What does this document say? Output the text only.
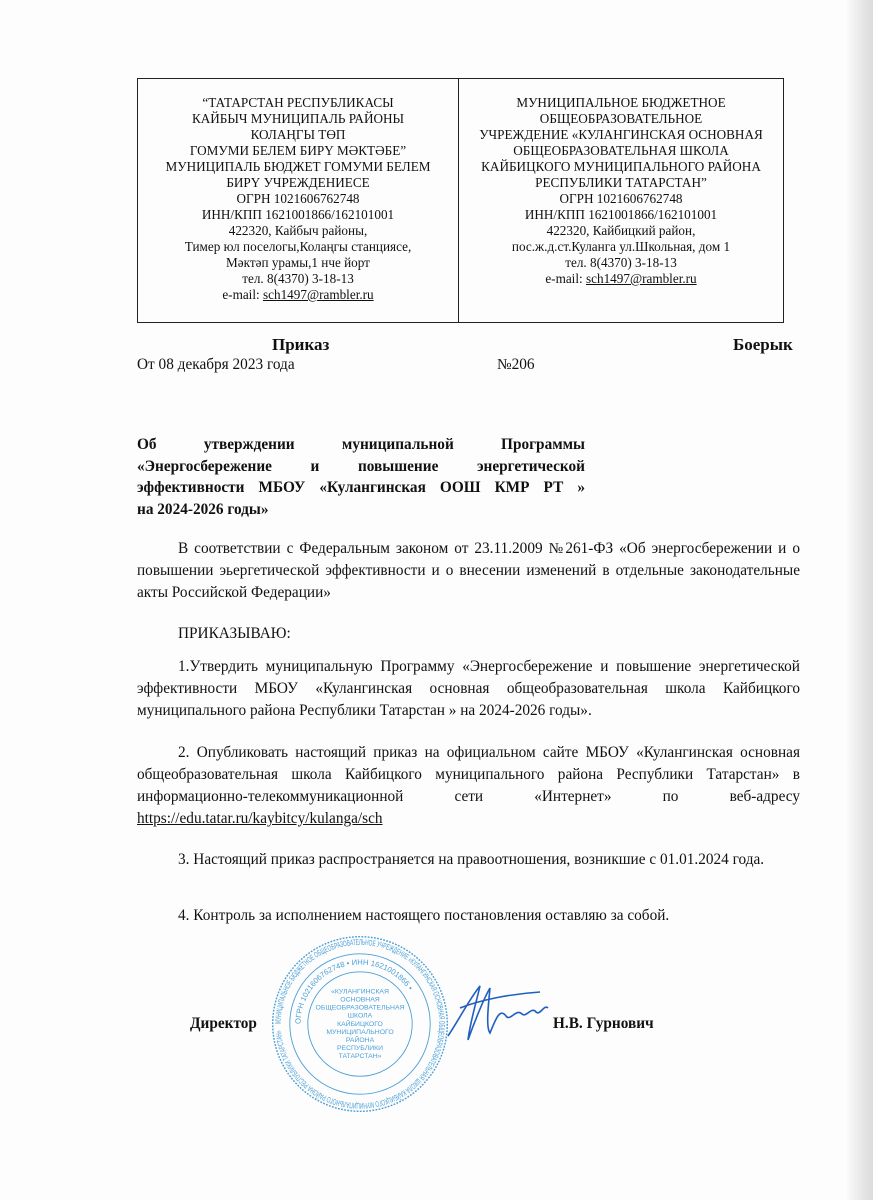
“ТАТАРСТАН РЕСПУБЛИКАСЫ
КАЙБЫЧ МУНИЦИПАЛЬ РАЙОНЫ
КОЛАҢГЫ ТӨП
ГОМУМИ БЕЛЕМ БИРҮ МӘКТӘБЕ”
МУНИЦИПАЛЬ БЮДЖЕТ ГОМУМИ БЕЛЕМ
БИРҮ УЧРЕЖДЕНИЕСЕ
ОГРН 1021606762748
ИНН/КПП 1621001866/162101001
422320, Кайбыч районы,
Тимер юл поселогы,Колаңгы станциясе,
Мәктәп урамы,1 нче йорт
тел. 8(4370) 3-18-13
e-mail: sch1497@rambler.ru
МУНИЦИПАЛЬНОЕ БЮДЖЕТНОЕ
ОБЩЕОБРАЗОВАТЕЛЬНОЕ
УЧРЕЖДЕНИЕ «КУЛАНГИНСКАЯ ОСНОВНАЯ
ОБЩЕОБРАЗОВАТЕЛЬНАЯ ШКОЛА
КАЙБИЦКОГО МУНИЦИПАЛЬНОГО РАЙОНА
РЕСПУБЛИКИ ТАТАРСТАН”
ОГРН 1021606762748
ИНН/КПП 1621001866/162101001
422320, Кайбицкий район,
пос.ж.д.ст.Куланга ул.Школьная, дом 1
тел. 8(4370) 3-18-13
e-mail: sch1497@rambler.ru
Приказ	Боерык
От 08 декабря 2023 года	№206
Об утверждении муниципальной Программы
«Энергосбережение и повышение энергетической
эффективности МБОУ «Кулангинская ООШ КМР РТ »
на 2024-2026 годы»
В соответствии с Федеральным законом от 23.11.2009 №261-ФЗ «Об энергосбережении и о повышении эьергетической эффективности и о внесении изменений в отдельные законодательные акты Российской Федерации»
ПРИКАЗЫВАЮ:
1.Утвердить муниципальную Программу «Энергосбережение и повышение энергетической эффективности МБОУ «Кулангинская основная общеобразовательная школа Кайбицкого муниципального района Республики Татарстан » на 2024-2026 годы».
2. Опубликовать настоящий приказ на официальном сайте МБОУ «Кулангинская основная общеобразовательная школа Кайбицкого муниципального района Республики Татарстан» в информационно-телекоммуникационной сети «Интернет» по веб-адресу https://edu.tatar.ru/kaybitcy/kulanga/sch
3. Настоящий приказ распространяется на правоотношения, возникшие с 01.01.2024 года.
4. Контроль за исполнением настоящего постановления оставляю за собой.
МУНИЦИПАЛЬНОЕ БЮДЖЕТНОЕ ОБЩЕОБРАЗОВАТЕЛЬНОЕ УЧРЕЖДЕНИЕ «КУЛАНГИНСКАЯ ОСНОВНАЯ ОБЩЕОБРАЗОВАТЕЛЬНАЯ ШКОЛА КАЙБИЦКОГО МУНИЦИПАЛЬНОГО РАЙОНА РЕСПУБЛИКИ ТАТАРСТАН»
ОГРН 1021606762748 • ИНН 1621001866 •
«КУЛАНГИНСКАЯ
ОСНОВНАЯ
ОБЩЕОБРАЗОВАТЕЛЬНАЯ
ШКОЛА
КАЙБИЦКОГО
МУНИЦИПАЛЬНОГО
РАЙОНА
РЕСПУБЛИКИ
ТАТАРСТАН»
Директор	Н.В. Гурнович
